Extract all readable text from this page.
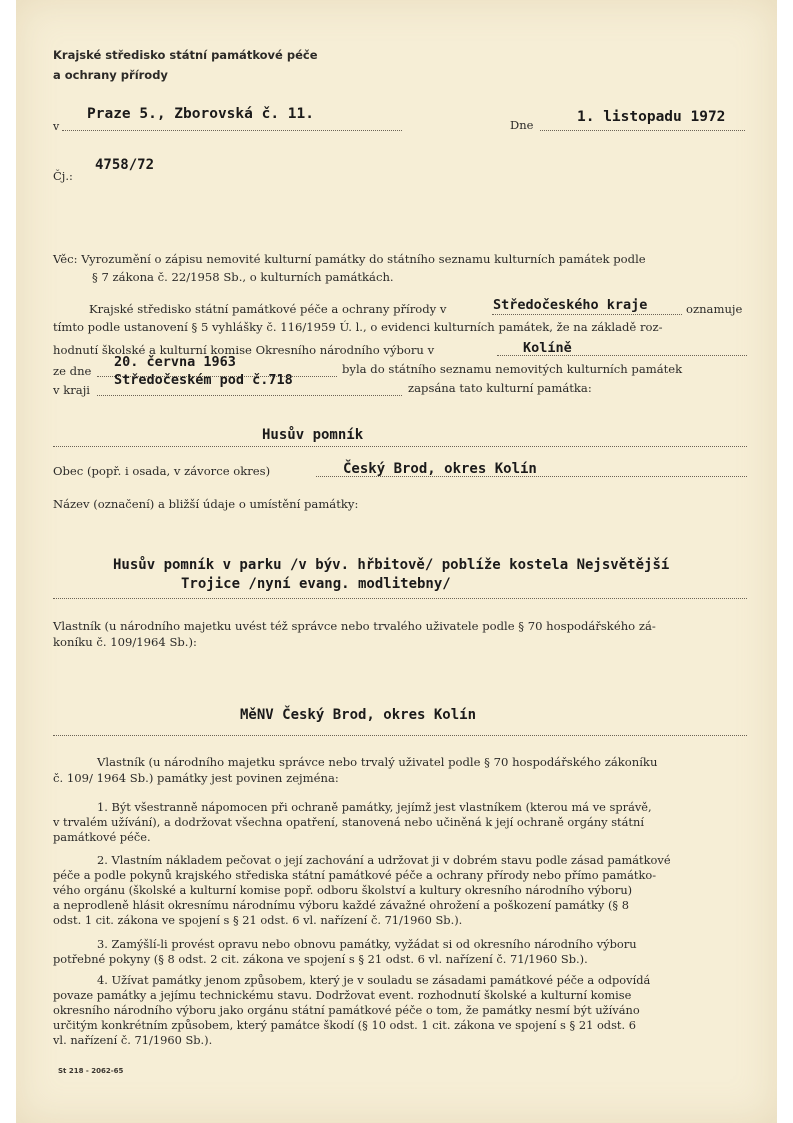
Krajské středisko státní památkové péče
a ochrany přírody
v
Praze 5., Zborovská č. 11.
Dne	1. listopadu 1972
4758/72
Čj.:
Věc: Vyrozumění o zápisu nemovité kulturní památky do státního seznamu kulturních památek podle
§ 7 zákona č. 22/1958 Sb., o kulturních památkách.
Krajské středisko státní památkové péče a ochrany přírody v	Středočeského kraje	oznamuje
tímto podle ustanovení § 5 vyhlášky č. 116/1959 Ú. l., o evidenci kulturních památek, že na základě roz-
hodnutí školské a kulturní komise Okresního národního výboru v	Kolíně
ze dne
20. června 1963	byla do státního seznamu nemovitých kulturních památek
v kraji
Středočeském pod č.718	zapsána tato kulturní památka:
Husův pomník
Obec (popř. i osada, v závorce okres)	Český Brod, okres Kolín
Název (označení) a bližší údaje o umístění památky:
Husův pomník v parku /v býv. hřbitově/ poblíže kostela Nejsvětější
Trojice /nyní evang. modlitebny/
Vlastník (u národního majetku uvést též správce nebo trvalého uživatele podle § 70 hospodářského zá-
koníku č. 109/1964 Sb.):
MěNV Český Brod, okres Kolín
Vlastník (u národního majetku správce nebo trvalý uživatel podle § 70 hospodářského zákoníku
č. 109/ 1964 Sb.) památky jest povinen zejména:
1. Být všestranně nápomocen při ochraně památky, jejímž jest vlastníkem (kterou má ve správě,
v trvalém užívání), a dodržovat všechna opatření, stanovená nebo učiněná k její ochraně orgány státní
památkové péče.
2. Vlastním nákladem pečovat o její zachování a udržovat ji v dobrém stavu podle zásad památkové
péče a podle pokynů krajského střediska státní památkové péče a ochrany přírody nebo přímo památko-
vého orgánu (školské a kulturní komise popř. odboru školství a kultury okresního národního výboru)
a neprodleně hlásit okresnímu národnímu výboru každé závažné ohrožení a poškození památky (§ 8
odst. 1 cit. zákona ve spojení s § 21 odst. 6 vl. nařízení č. 71/1960 Sb.).
3. Zamýšlí-li provést opravu nebo obnovu památky, vyžádat si od okresního národního výboru
potřebné pokyny (§ 8 odst. 2 cit. zákona ve spojení s § 21 odst. 6 vl. nařízení č. 71/1960 Sb.).
4. Užívat památky jenom způsobem, který je v souladu se zásadami památkové péče a odpovídá
povaze památky a jejímu technickému stavu. Dodržovat event. rozhodnutí školské a kulturní komise
okresního národního výboru jako orgánu státní památkové péče o tom, že památky nesmí být užíváno
určitým konkrétním způsobem, který památce škodí (§ 10 odst. 1 cit. zákona ve spojení s § 21 odst. 6
vl. nařízení č. 71/1960 Sb.).
St 218 - 2062-65
